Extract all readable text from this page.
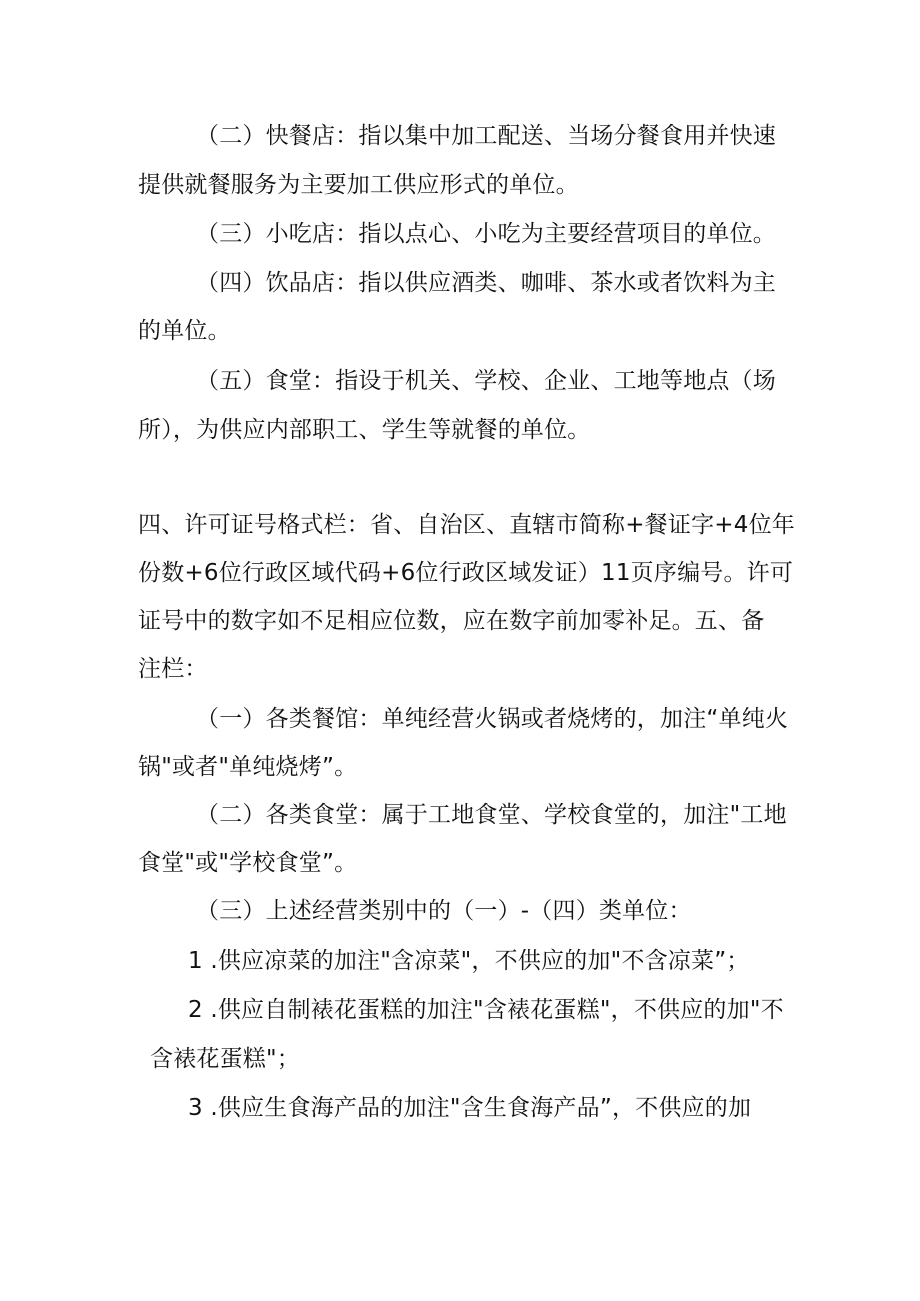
（二）快餐店：指以集中加工配送、当场分餐食用并快速
提供就餐服务为主要加工供应形式的单位。
（三）小吃店：指以点心、小吃为主要经营项目的单位。
（四）饮品店：指以供应酒类、咖啡、茶水或者饮料为主
的单位。
（五）食堂：指设于机关、学校、企业、工地等地点（场
所），为供应内部职工、学生等就餐的单位。
四、许可证号格式栏：省、自治区、直辖市简称+餐证字+4位年
份数+6位行政区域代码+6位行政区域发证）11页序编号。许可
证号中的数字如不足相应位数，应在数字前加零补足。五、备
注栏：
（一）各类餐馆：单纯经营火锅或者烧烤的，加注“单纯火
锅"或者"单纯烧烤”。
（二）各类食堂：属于工地食堂、学校食堂的，加注"工地
食堂"或"学校食堂”。
（三）上述经营类别中的（一）-（四）类单位：
1 .供应凉菜的加注"含凉菜"，不供应的加"不含凉菜”；
2 .供应自制裱花蛋糕的加注"含裱花蛋糕"，不供应的加"不
含裱花蛋糕"；
3 .供应生食海产品的加注"含生食海产品”，不供应的加
